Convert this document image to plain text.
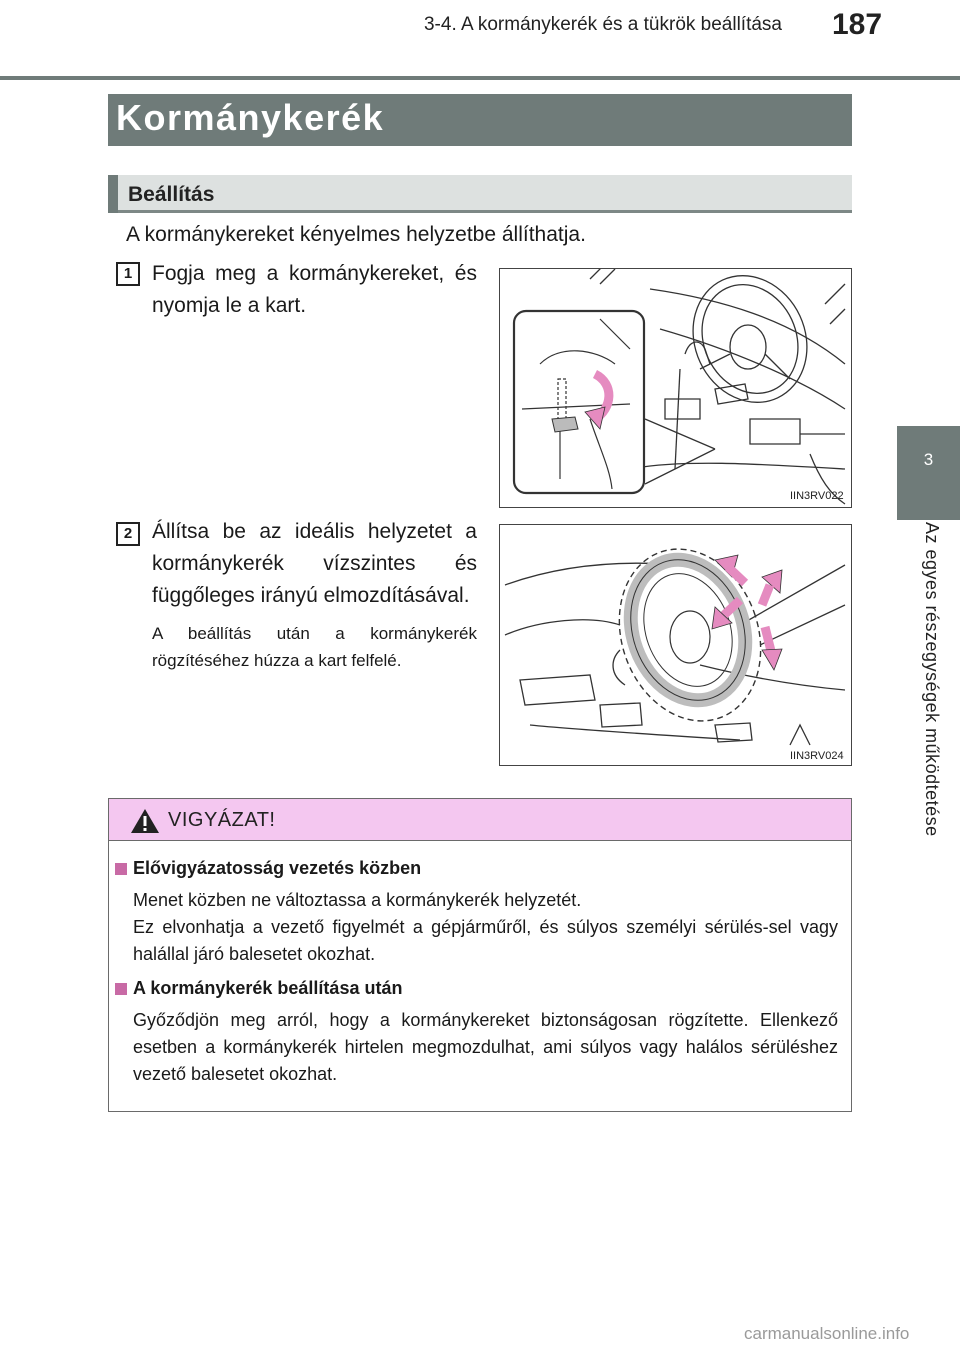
3-4. A kormánykerék és a tükrök beállítása 187
3
Az egyes részegységek működtetése
Kormánykerék
Beállítás
A kormánykereket kényelmes helyzetbe állíthatja.
1 Fogja meg a kormánykereket, és nyomja le a kart.
IIN3RV022
2 Állítsa be az ideális helyzetet a kormánykerék vízszintes és függőleges irányú elmozdításával.
A beállítás után a kormánykerék rögzítéséhez húzza a kart felfelé.
IIN3RV024
VIGYÁZAT!
Elővigyázatosság vezetés közben
Menet közben ne változtassa a kormánykerék helyzetét.
Ez elvonhatja a vezető figyelmét a gépjárműről, és súlyos személyi sérülés-sel vagy halállal járó balesetet okozhat.
A kormánykerék beállítása után
Győződjön meg arról, hogy a kormánykereket biztonságosan rögzítette. Ellenkező esetben a kormánykerék hirtelen megmozdulhat, ami súlyos vagy halálos sérüléshez vezető balesetet okozhat.
carmanualsonline.info
